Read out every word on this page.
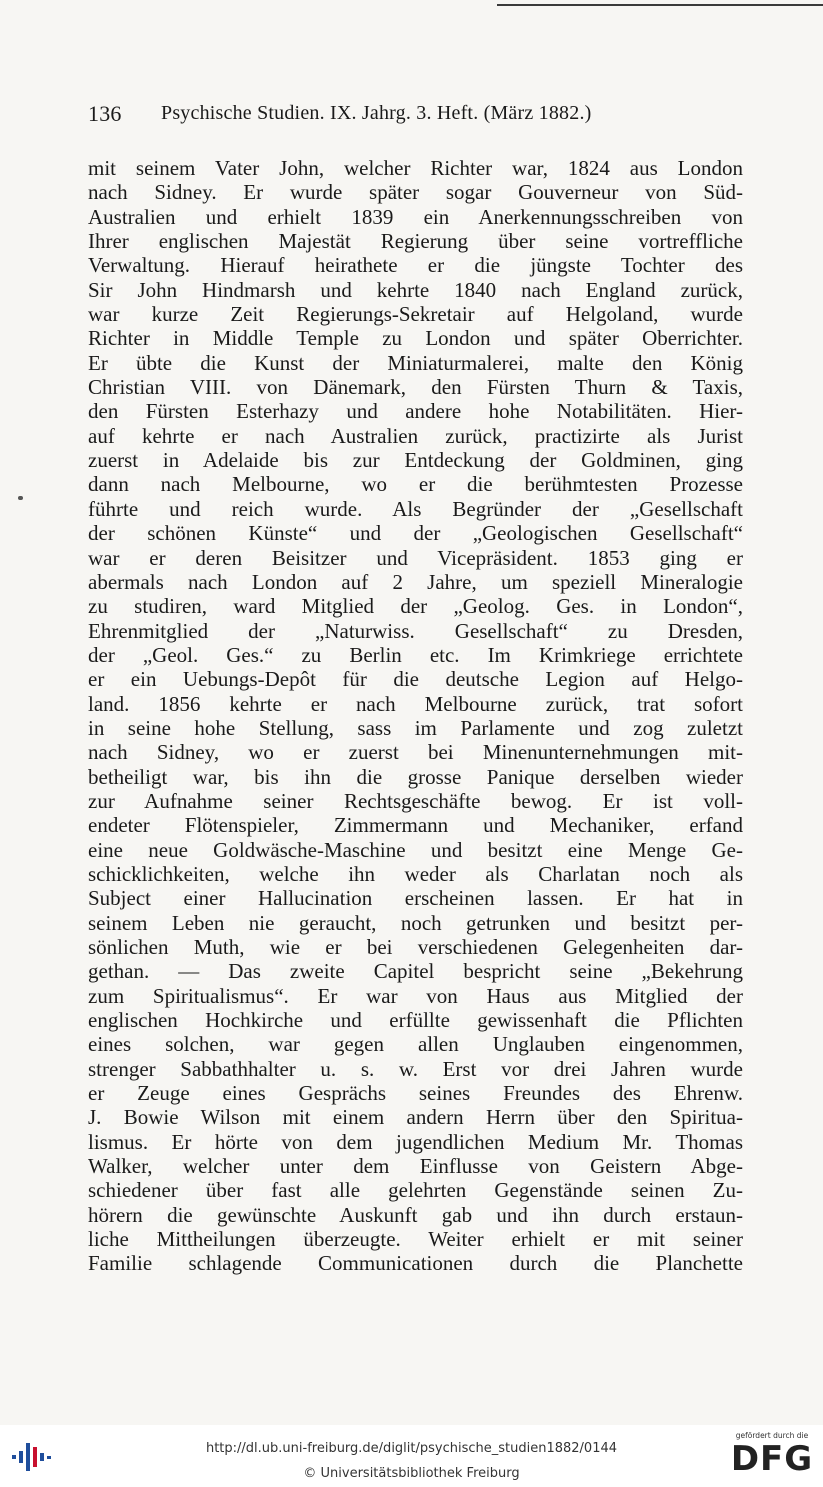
136 Psychische Studien. IX. Jahrg. 3. Heft. (März 1882.)
mit seinem Vater John, welcher Richter war, 1824 aus London
nach Sidney. Er wurde später sogar Gouverneur von Süd-
Australien und erhielt 1839 ein Anerkennungsschreiben von
Ihrer englischen Majestät Regierung über seine vortreffliche
Verwaltung. Hierauf heirathete er die jüngste Tochter des
Sir John Hindmarsh und kehrte 1840 nach England zurück,
war kurze Zeit Regierungs-Sekretair auf Helgoland, wurde
Richter in Middle Temple zu London und später Oberrichter.
Er übte die Kunst der Miniaturmalerei, malte den König
Christian VIII. von Dänemark, den Fürsten Thurn & Taxis,
den Fürsten Esterhazy und andere hohe Notabilitäten. Hier-
auf kehrte er nach Australien zurück, practizirte als Jurist
zuerst in Adelaide bis zur Entdeckung der Goldminen, ging
dann nach Melbourne, wo er die berühmtesten Prozesse
führte und reich wurde. Als Begründer der „Gesellschaft
der schönen Künste“ und der „Geologischen Gesellschaft“
war er deren Beisitzer und Vicepräsident. 1853 ging er
abermals nach London auf 2 Jahre, um speziell Mineralogie
zu studiren, ward Mitglied der „Geolog. Ges. in London“,
Ehrenmitglied der „Naturwiss. Gesellschaft“ zu Dresden,
der „Geol. Ges.“ zu Berlin etc. Im Krimkriege errichtete
er ein Uebungs-Depôt für die deutsche Legion auf Helgo-
land. 1856 kehrte er nach Melbourne zurück, trat sofort
in seine hohe Stellung, sass im Parlamente und zog zuletzt
nach Sidney, wo er zuerst bei Minenunternehmungen mit-
betheiligt war, bis ihn die grosse Panique derselben wieder
zur Aufnahme seiner Rechtsgeschäfte bewog. Er ist voll-
endeter Flötenspieler, Zimmermann und Mechaniker, erfand
eine neue Goldwäsche-Maschine und besitzt eine Menge Ge-
schicklichkeiten, welche ihn weder als Charlatan noch als
Subject einer Hallucination erscheinen lassen. Er hat in
seinem Leben nie geraucht, noch getrunken und besitzt per-
sönlichen Muth, wie er bei verschiedenen Gelegenheiten dar-
gethan. — Das zweite Capitel bespricht seine „Bekehrung
zum Spiritualismus“. Er war von Haus aus Mitglied der
englischen Hochkirche und erfüllte gewissenhaft die Pflichten
eines solchen, war gegen allen Unglauben eingenommen,
strenger Sabbathhalter u. s. w. Erst vor drei Jahren wurde
er Zeuge eines Gesprächs seines Freundes des Ehrenw.
J. Bowie Wilson mit einem andern Herrn über den Spiritua-
lismus. Er hörte von dem jugendlichen Medium Mr. Thomas
Walker, welcher unter dem Einflusse von Geistern Abge-
schiedener über fast alle gelehrten Gegenstände seinen Zu-
hörern die gewünschte Auskunft gab und ihn durch erstaun-
liche Mittheilungen überzeugte. Weiter erhielt er mit seiner
Familie schlagende Communicationen durch die Planchette
http://dl.ub.uni-freiburg.de/diglit/psychische_studien1882/0144
© Universitätsbibliothek Freiburg
gefördert durch die
DFG
